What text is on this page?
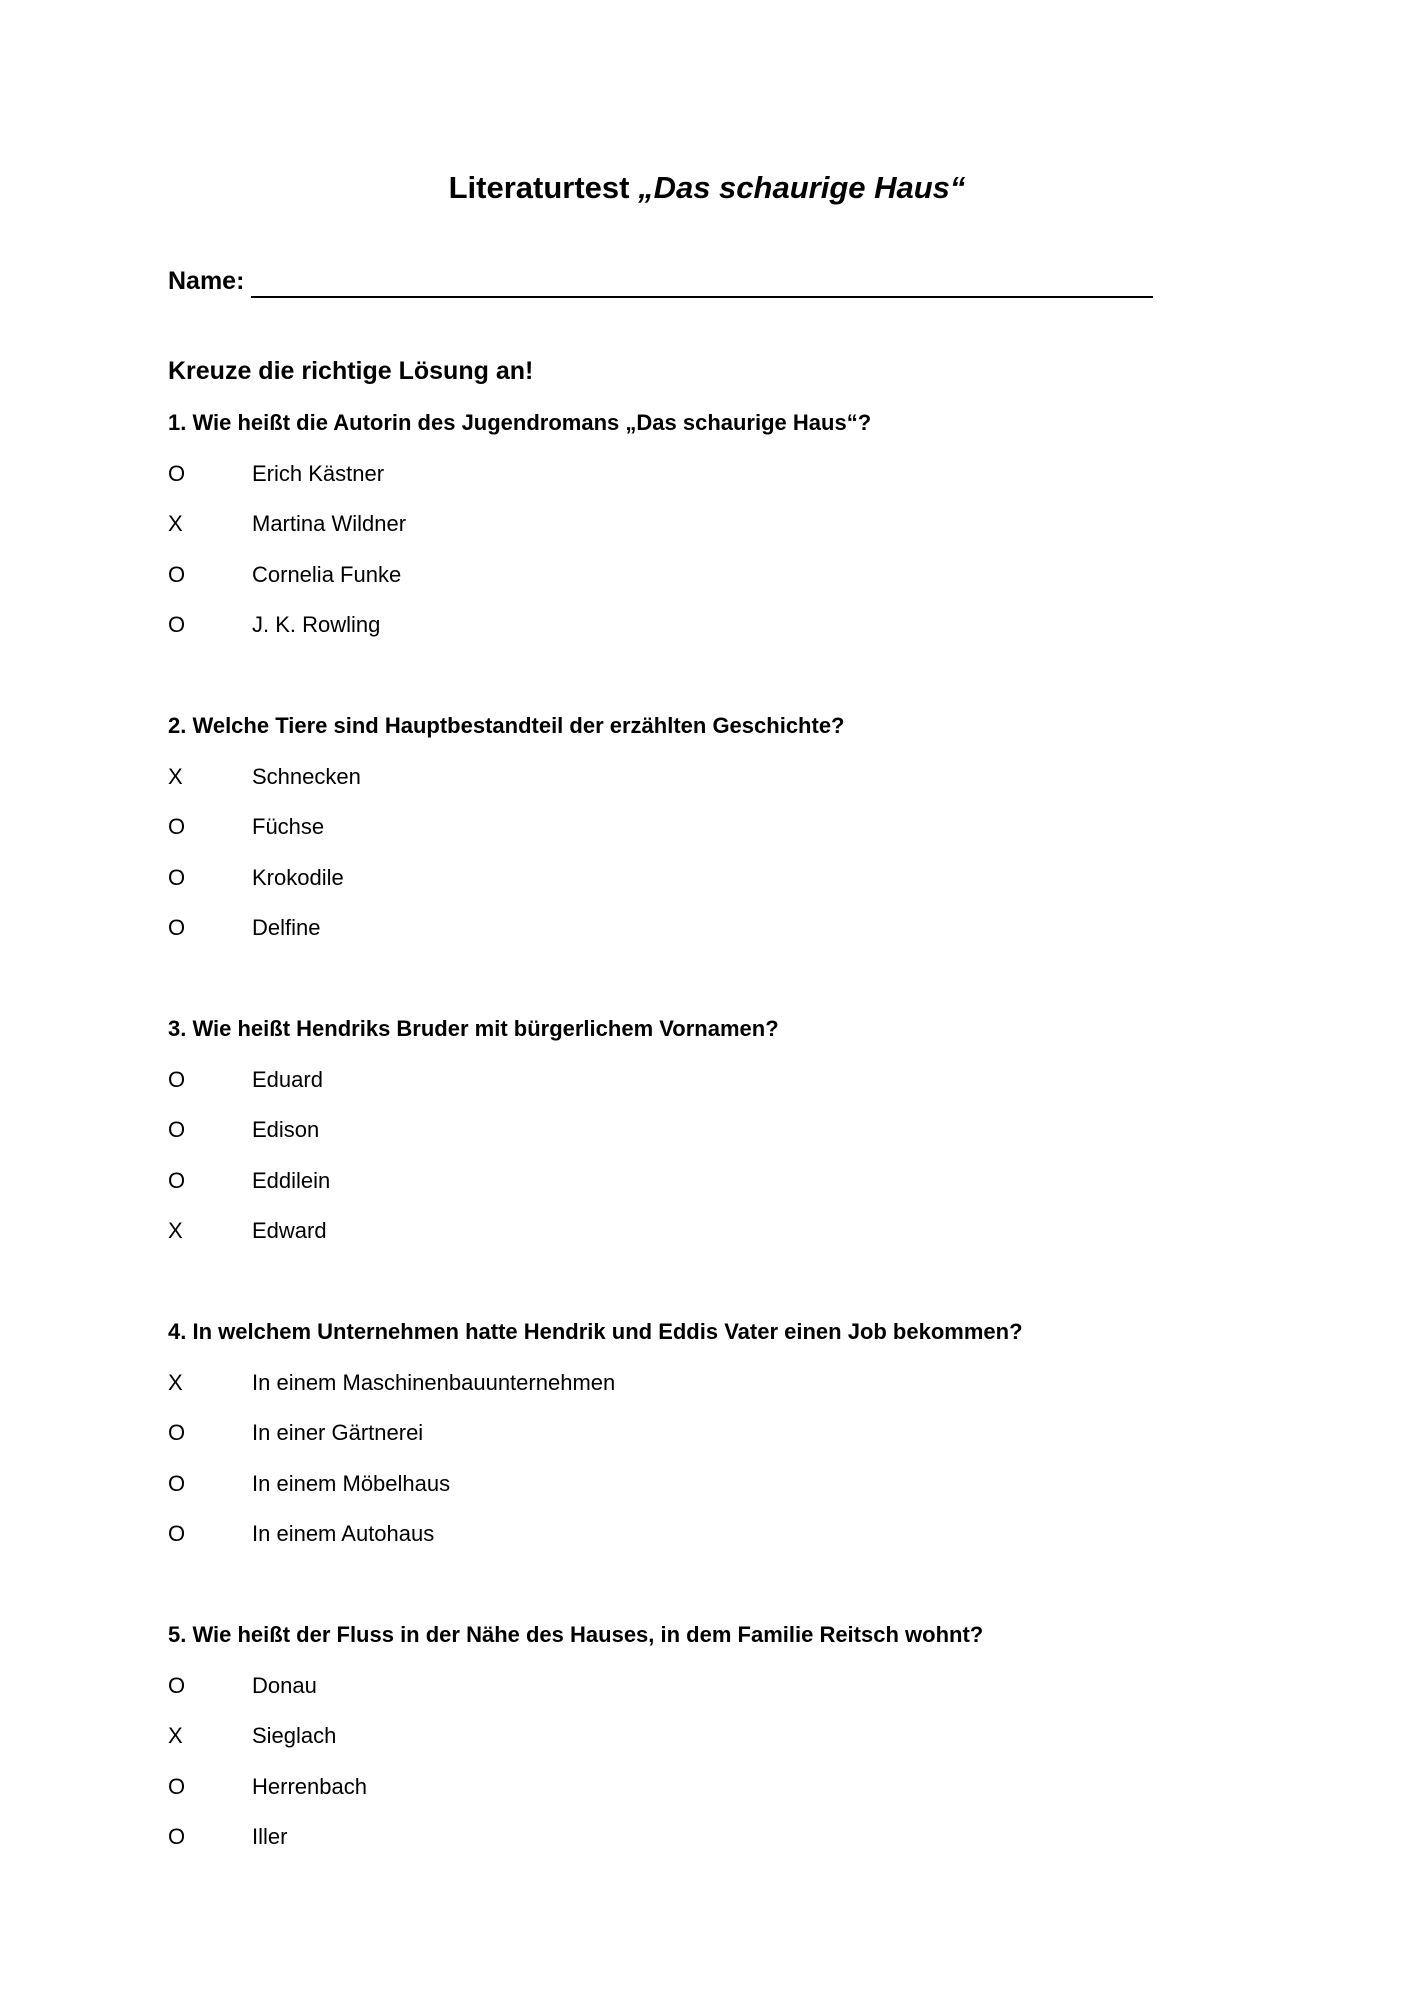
Literaturtest „Das schaurige Haus“
Name:
Kreuze die richtige Lösung an!
1. Wie heißt die Autorin des Jugendromans „Das schaurige Haus“?
O	Erich Kästner
X	Martina Wildner
O	Cornelia Funke
O	J. K. Rowling
2. Welche Tiere sind Hauptbestandteil der erzählten Geschichte?
X	Schnecken
O	Füchse
O	Krokodile
O	Delfine
3. Wie heißt Hendriks Bruder mit bürgerlichem Vornamen?
O	Eduard
O	Edison
O	Eddilein
X	Edward
4. In welchem Unternehmen hatte Hendrik und Eddis Vater einen Job bekommen?
X	In einem Maschinenbauunternehmen
O	In einer Gärtnerei
O	In einem Möbelhaus
O	In einem Autohaus
5. Wie heißt der Fluss in der Nähe des Hauses, in dem Familie Reitsch wohnt?
O	Donau
X	Sieglach
O	Herrenbach
O	Iller
